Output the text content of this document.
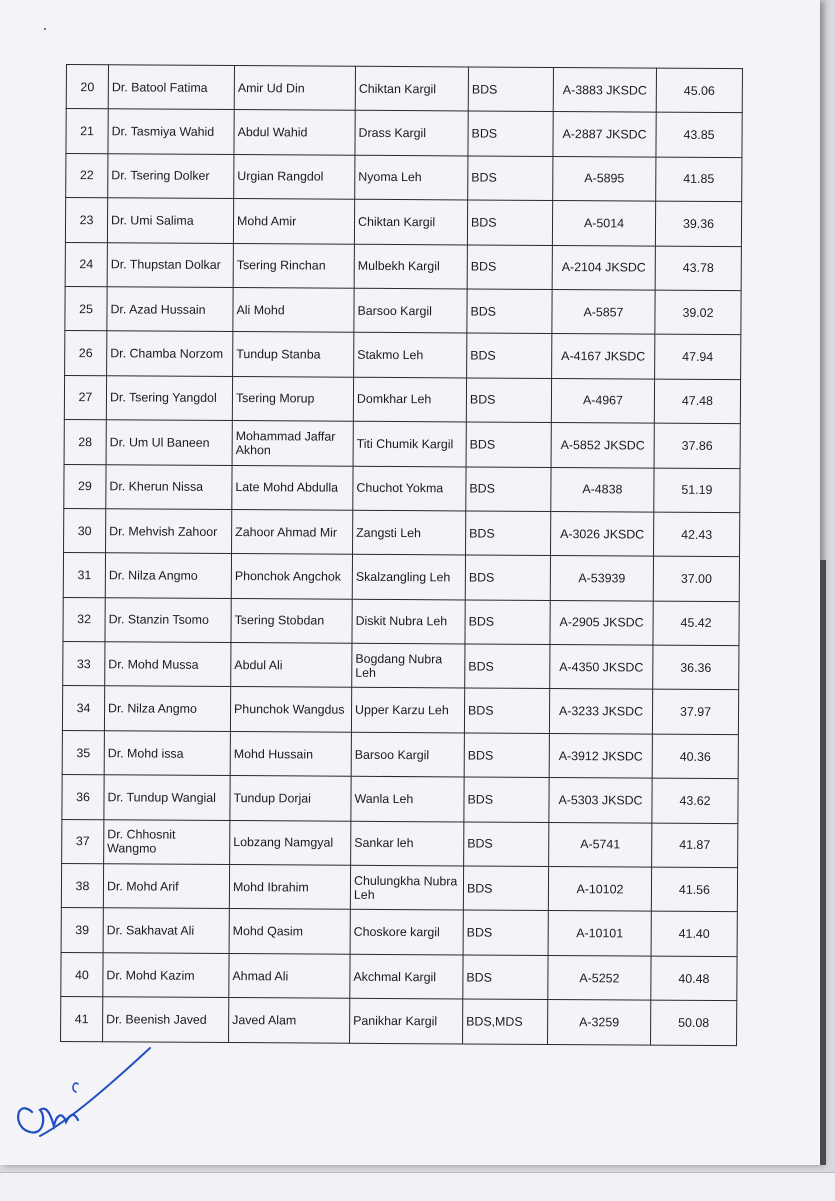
20	Dr. Batool Fatima	Amir Ud Din	Chiktan Kargil	BDS	A-3883 JKSDC	45.06
21	Dr. Tasmiya Wahid	Abdul Wahid	Drass Kargil	BDS	A-2887 JKSDC	43.85
22	Dr. Tsering Dolker	Urgian Rangdol	Nyoma Leh	BDS	A-5895	41.85
23	Dr. Umi Salima	Mohd Amir	Chiktan Kargil	BDS	A-5014	39.36
24	Dr. Thupstan Dolkar	Tsering Rinchan	Mulbekh Kargil	BDS	A-2104 JKSDC	43.78
25	Dr. Azad Hussain	Ali Mohd	Barsoo Kargil	BDS	A-5857	39.02
26	Dr. Chamba Norzom	Tundup Stanba	Stakmo Leh	BDS	A-4167 JKSDC	47.94
27	Dr. Tsering Yangdol	Tsering Morup	Domkhar Leh	BDS	A-4967	47.48
28	Dr. Um Ul Baneen	Mohammad Jaffar Akhon	Titi Chumik Kargil	BDS	A-5852 JKSDC	37.86
29	Dr. Kherun Nissa	Late Mohd Abdulla	Chuchot Yokma	BDS	A-4838	51.19
30	Dr. Mehvish Zahoor	Zahoor Ahmad Mir	Zangsti Leh	BDS	A-3026 JKSDC	42.43
31	Dr. Nilza Angmo	Phonchok Angchok	Skalzangling Leh	BDS	A-53939	37.00
32	Dr. Stanzin Tsomo	Tsering Stobdan	Diskit Nubra Leh	BDS	A-2905 JKSDC	45.42
33	Dr. Mohd Mussa	Abdul Ali	Bogdang Nubra Leh	BDS	A-4350 JKSDC	36.36
34	Dr. Nilza Angmo	Phunchok Wangdus	Upper Karzu Leh	BDS	A-3233 JKSDC	37.97
35	Dr. Mohd issa	Mohd Hussain	Barsoo Kargil	BDS	A-3912 JKSDC	40.36
36	Dr. Tundup Wangial	Tundup Dorjai	Wanla Leh	BDS	A-5303 JKSDC	43.62
37	Dr. Chhosnit Wangmo	Lobzang Namgyal	Sankar leh	BDS	A-5741	41.87
38	Dr. Mohd Arif	Mohd Ibrahim	Chulungkha Nubra Leh	BDS	A-10102	41.56
39	Dr. Sakhavat Ali	Mohd Qasim	Choskore kargil	BDS	A-10101	41.40
40	Dr. Mohd Kazim	Ahmad Ali	Akchmal Kargil	BDS	A-5252	40.48
41	Dr. Beenish Javed	Javed Alam	Panikhar Kargil	BDS,MDS	A-3259	50.08
